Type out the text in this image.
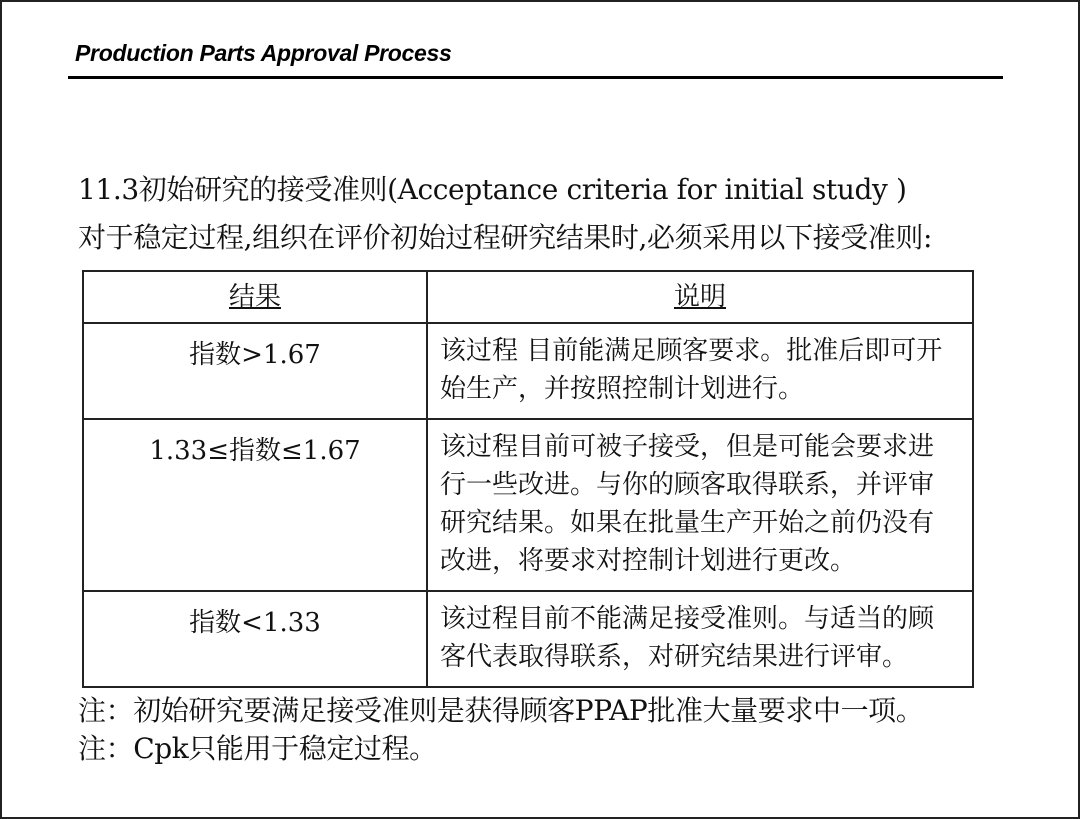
Production Parts Approval Process
11.3初始研究的接受准则(Acceptance criteria for initial study )
对于稳定过程,组织在评价初始过程研究结果时,必须采用以下接受准则:
结果	说明
指数>1.67	该过程 目前能满足顾客要求。批准后即可开始生产，并按照控制计划进行。
1.33≤指数≤1.67	该过程目前可被子接受，但是可能会要求进行一些改进。与你的顾客取得联系，并评审研究结果。如果在批量生产开始之前仍没有改进，将要求对控制计划进行更改。
指数<1.33	该过程目前不能满足接受准则。与适当的顾客代表取得联系，对研究结果进行评审。
注：初始研究要满足接受准则是获得顾客PPAP批准大量要求中一项。
注：Cpk只能用于稳定过程。
